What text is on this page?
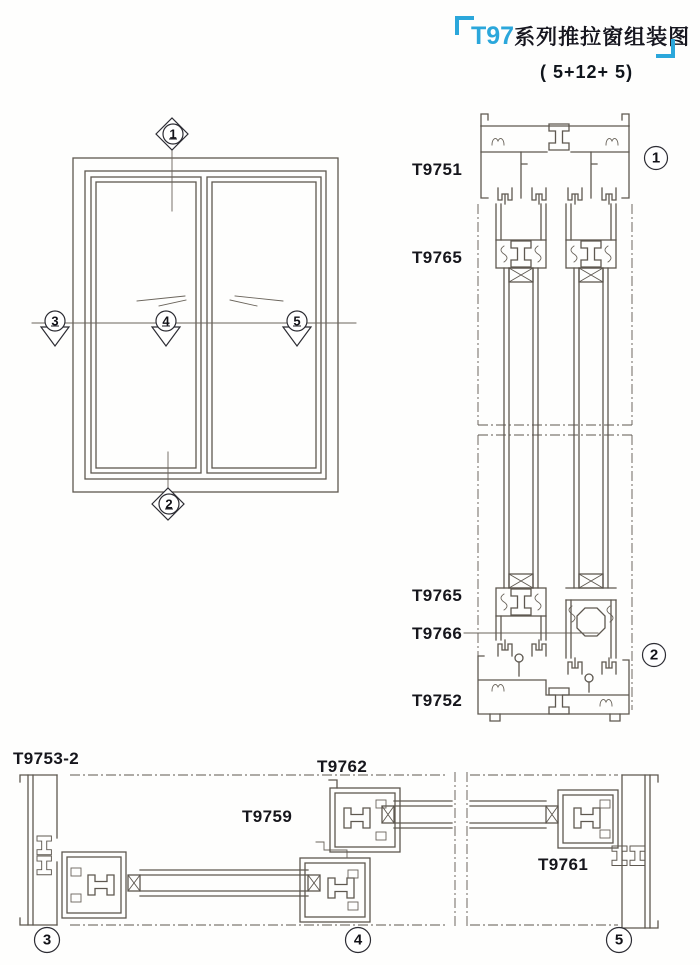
T97系列推拉窗组装图
( 5+12+ 5)
T9751
T9765
T9765
T9766
T9752
T9753-2	T9762
T9759
T9761
1
2
3	4	5
1
2
3	4	5
